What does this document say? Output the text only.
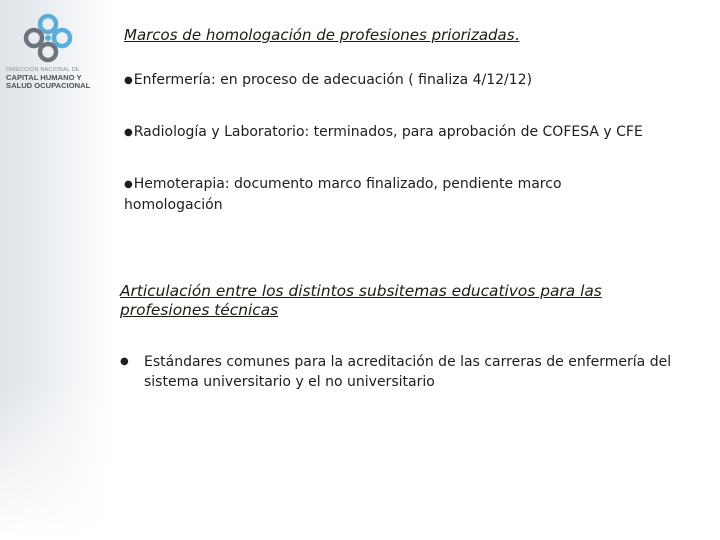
DIRECCIÓN NACIONAL DE
CAPITAL HUMANO Y
SALUD OCUPACIONAL
Marcos de homologación de profesiones priorizadas.
●Enfermería: en proceso de adecuación ( finaliza 4/12/12)
●Radiología y Laboratorio: terminados, para aprobación de COFESA y CFE
●Hemoterapia: documento marco finalizado, pendiente marco homologación
Articulación entre los distintos subsitemas educativos para las profesiones técnicas
● Estándares comunes para la acreditación de las carreras de enfermería del sistema universitario y el no universitario
